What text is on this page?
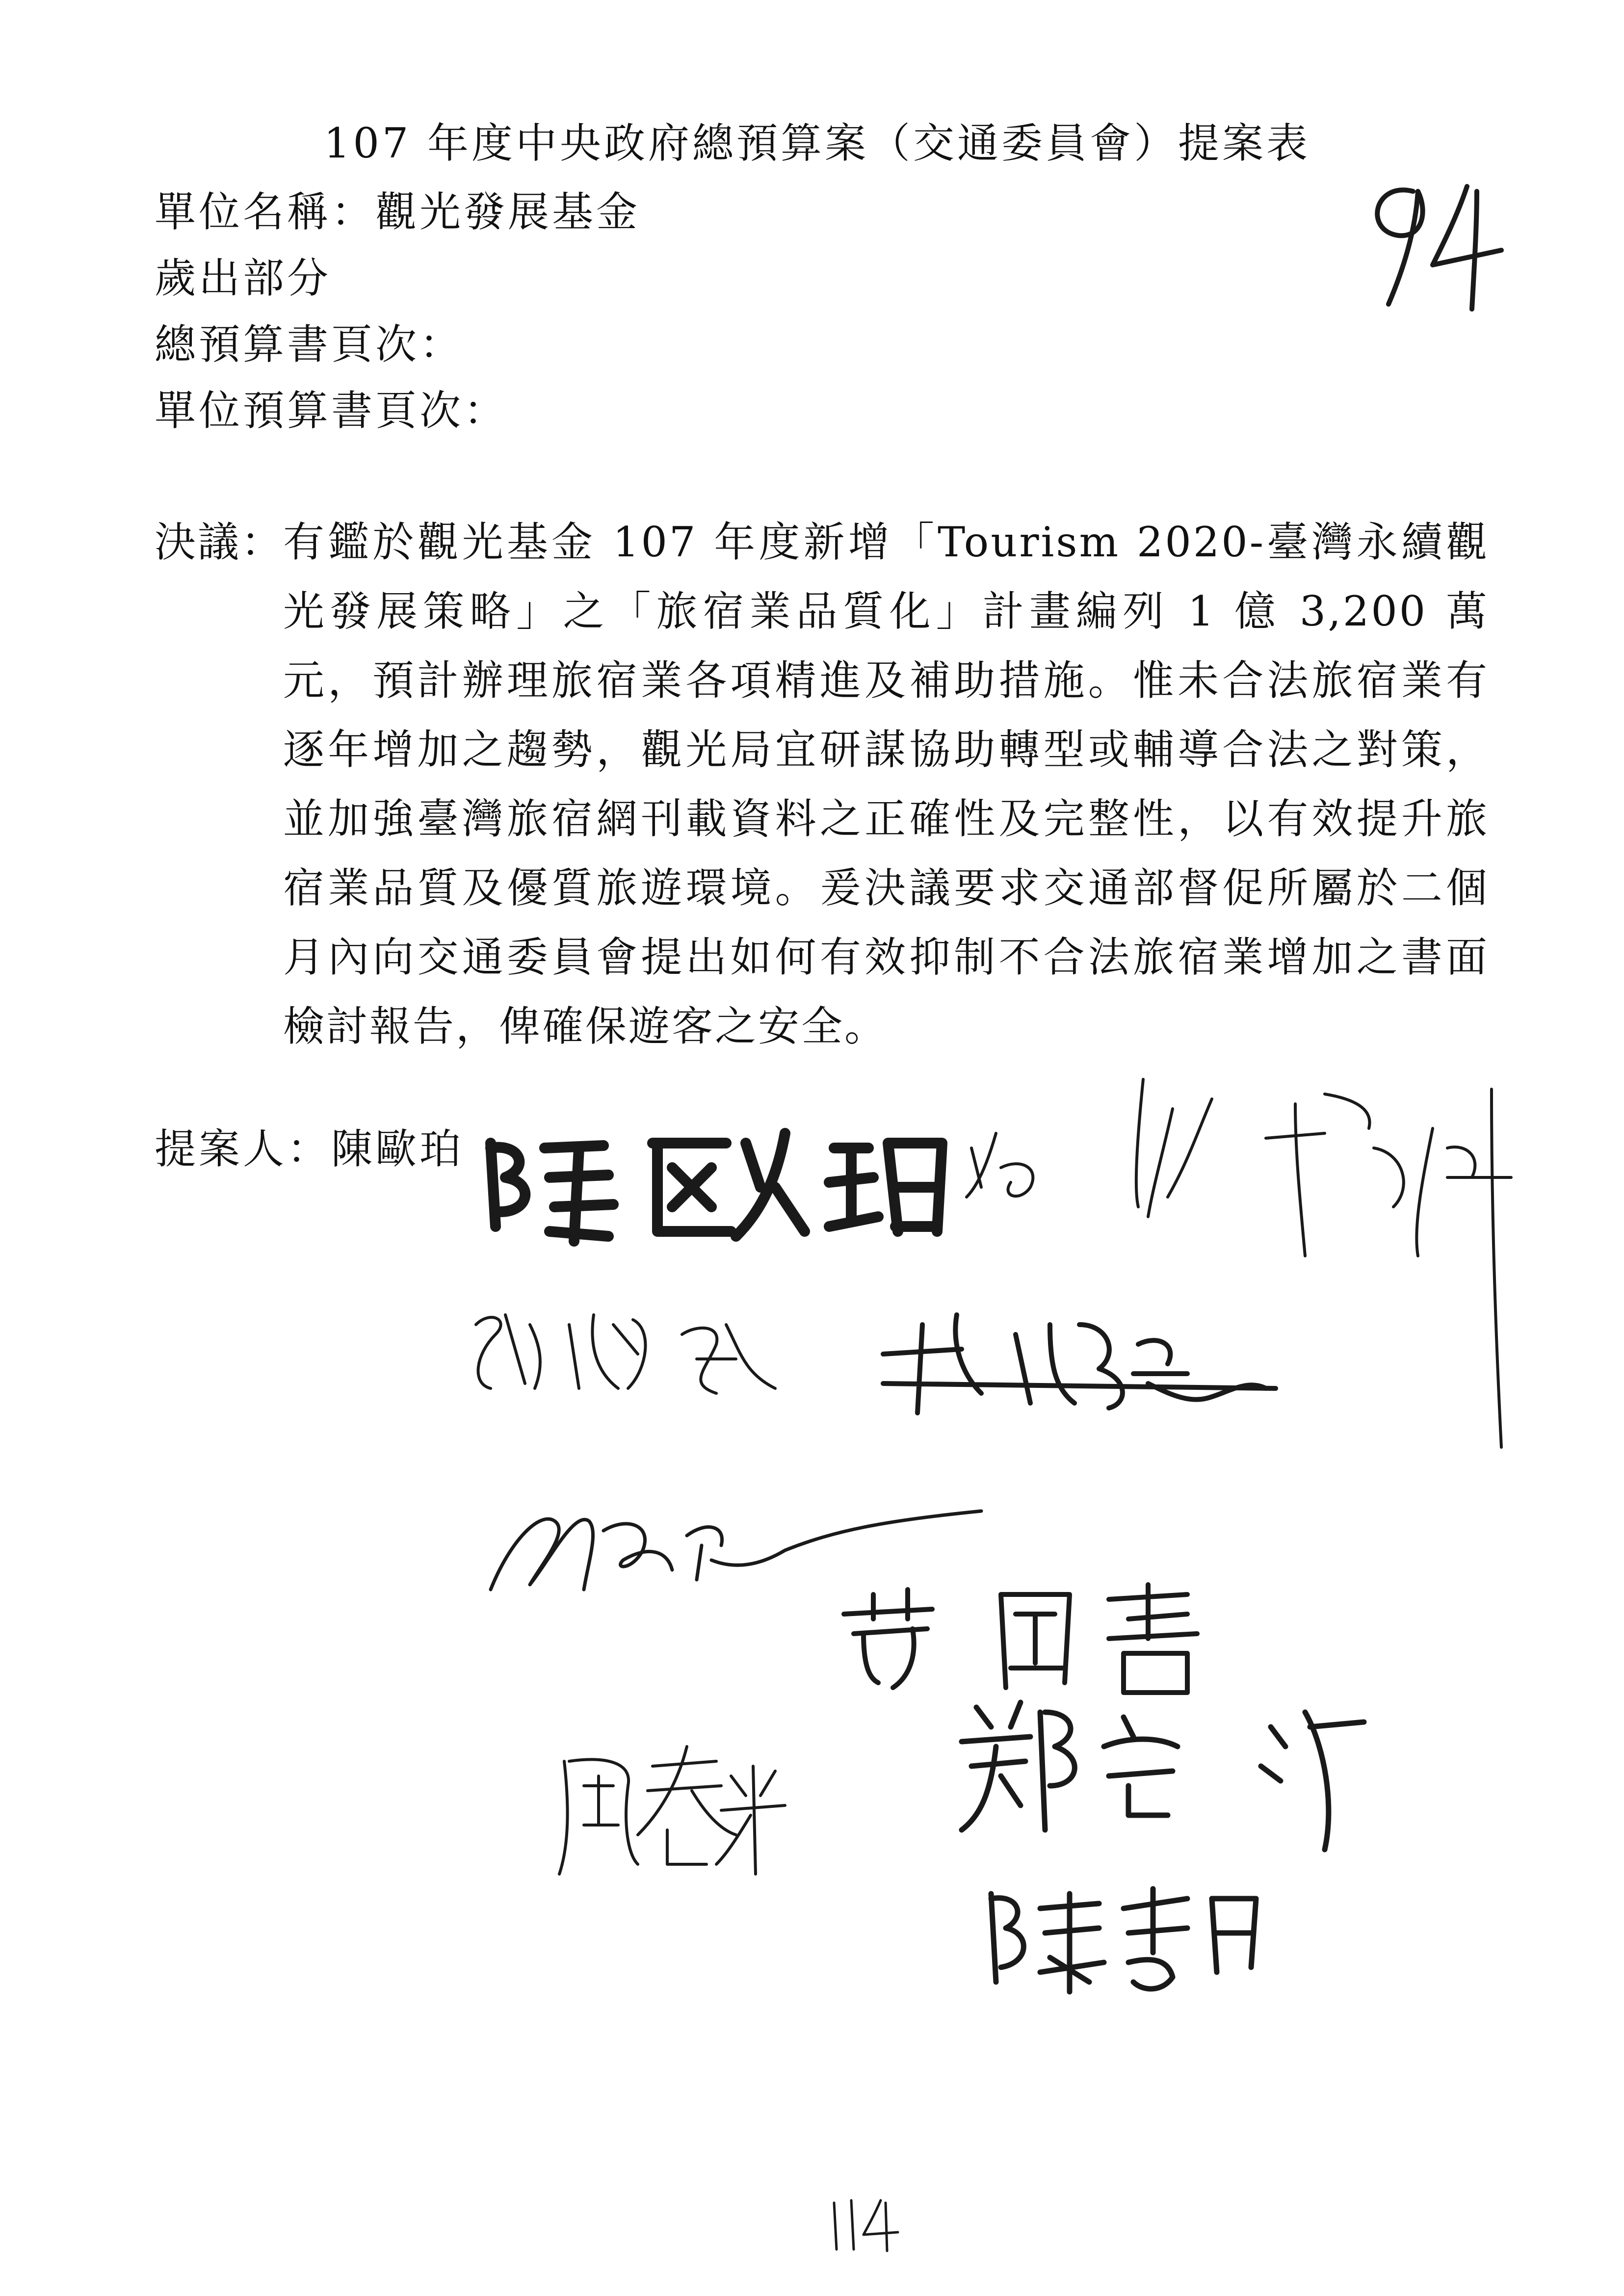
107 年度中央政府總預算案（交通委員會）提案表
單位名稱：觀光發展基金
歲出部分
總預算書頁次：
單位預算書頁次：
決議：
有鑑於觀光基金 107 年度新增「Tourism 2020-臺灣永續觀光發展策略」之「旅宿業品質化」計畫編列 1 億 3,200 萬元，預計辦理旅宿業各項精進及補助措施。惟未合法旅宿業有逐年增加之趨勢，觀光局宜研謀協助轉型或輔導合法之對策，並加強臺灣旅宿網刊載資料之正確性及完整性，以有效提升旅宿業品質及優質旅遊環境。爰決議要求交通部督促所屬於二個月內向交通委員會提出如何有效抑制不合法旅宿業增加之書面檢討報告，俾確保遊客之安全。
提案人：陳歐珀
